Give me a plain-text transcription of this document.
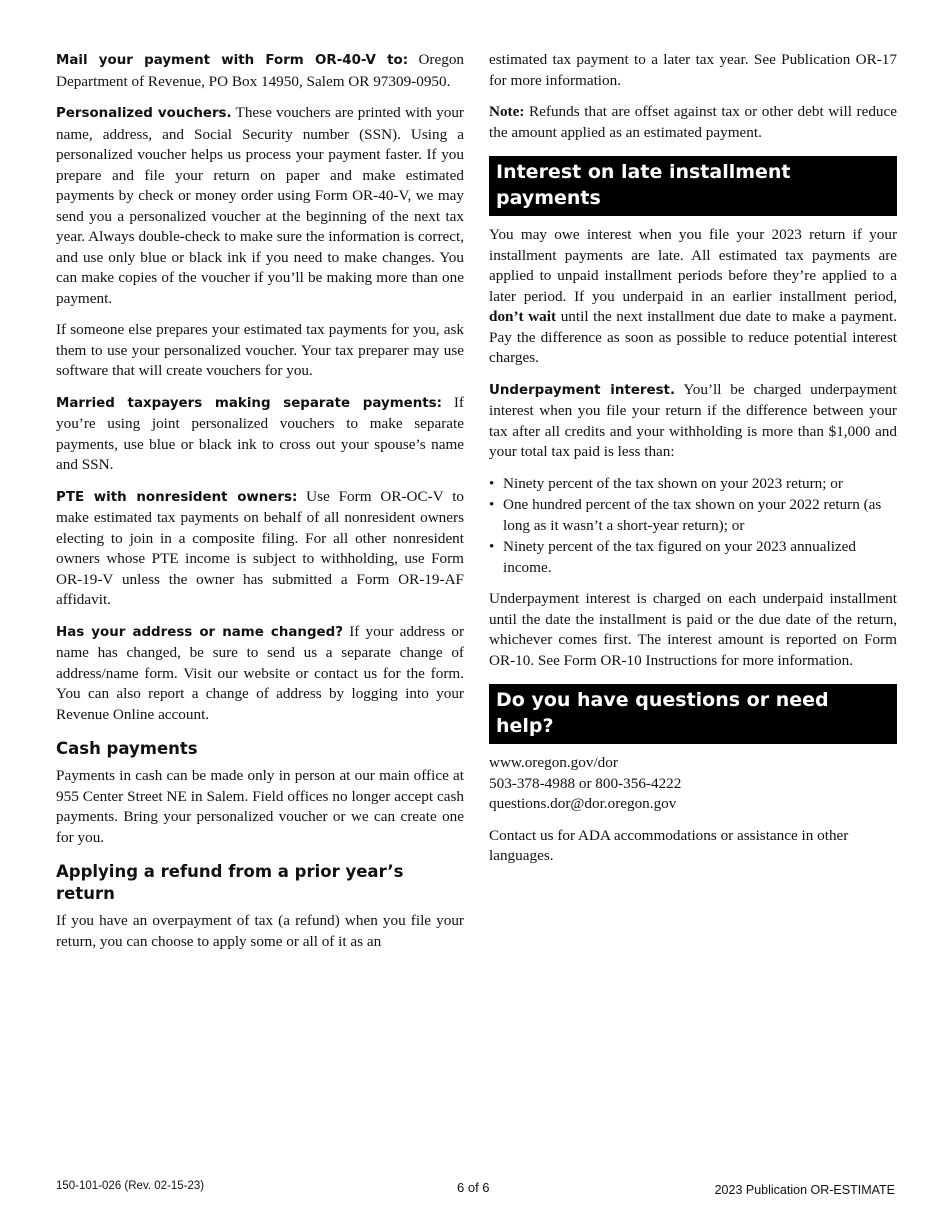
Mail your payment with Form OR-40-V to: Oregon Department of Revenue, PO Box 14950, Salem OR 97309-0950.

Personalized vouchers. These vouchers are printed with your name, address, and Social Security number (SSN). Using a personalized voucher helps us process your payment faster. If you prepare and file your return on paper and make estimated payments by check or money order using Form OR-40-V, we may send you a personalized voucher at the beginning of the next tax year. Always double-check to make sure the information is correct, and use only blue or black ink if you need to make changes. You can make copies of the voucher if you’ll be making more than one payment.

If someone else prepares your estimated tax payments for you, ask them to use your personalized voucher. Your tax preparer may use software that will create vouchers for you.

Married taxpayers making separate payments: If you’re using joint personalized vouchers to make separate payments, use blue or black ink to cross out your spouse’s name and SSN.

PTE with nonresident owners: Use Form OR-OC-V to make estimated tax payments on behalf of all nonresident owners electing to join in a composite filing. For all other nonresident owners whose PTE income is subject to withholding, use Form OR-19-V unless the owner has submitted a Form OR-19-AF affidavit.

Has your address or name changed? If your address or name has changed, be sure to send us a separate change of address/name form. Visit our website or contact us for the form. You can also report a change of address by logging into your Revenue Online account.

Cash payments

Payments in cash can be made only in person at our main office at 955 Center Street NE in Salem. Field offices no longer accept cash payments. Bring your personalized voucher or we can create one for you.

Applying a refund from a prior year’s return

If you have an overpayment of tax (a refund) when you file your return, you can choose to apply some or all of it as an

estimated tax payment to a later tax year. See Publication OR-17 for more information.

Note: Refunds that are offset against tax or other debt will reduce the amount applied as an estimated payment.

Interest on late installment payments

You may owe interest when you file your 2023 return if your installment payments are late. All estimated tax payments are applied to unpaid installment periods before they’re applied to a later period. If you underpaid in an earlier installment period, don’t wait until the next installment due date to make a payment. Pay the difference as soon as possible to reduce potential interest charges.

Underpayment interest. You’ll be charged underpayment interest when you file your return if the difference between your tax after all credits and your withholding is more than $1,000 and your total tax paid is less than:

• Ninety percent of the tax shown on your 2023 return; or
• One hundred percent of the tax shown on your 2022 return (as long as it wasn’t a short-year return); or
• Ninety percent of the tax figured on your 2023 annualized income.

Underpayment interest is charged on each underpaid installment until the date the installment is paid or the due date of the return, whichever comes first. The interest amount is reported on Form OR-10. See Form OR-10 Instructions for more information.

Do you have questions or need help?

www.oregon.gov/dor

503-378-4988 or 800-356-4222

questions.dor@dor.oregon.gov

Contact us for ADA accommodations or assistance in other languages.

150-101-026 (Rev. 02-15-23)	6 of 6	2023 Publication OR-ESTIMATE
